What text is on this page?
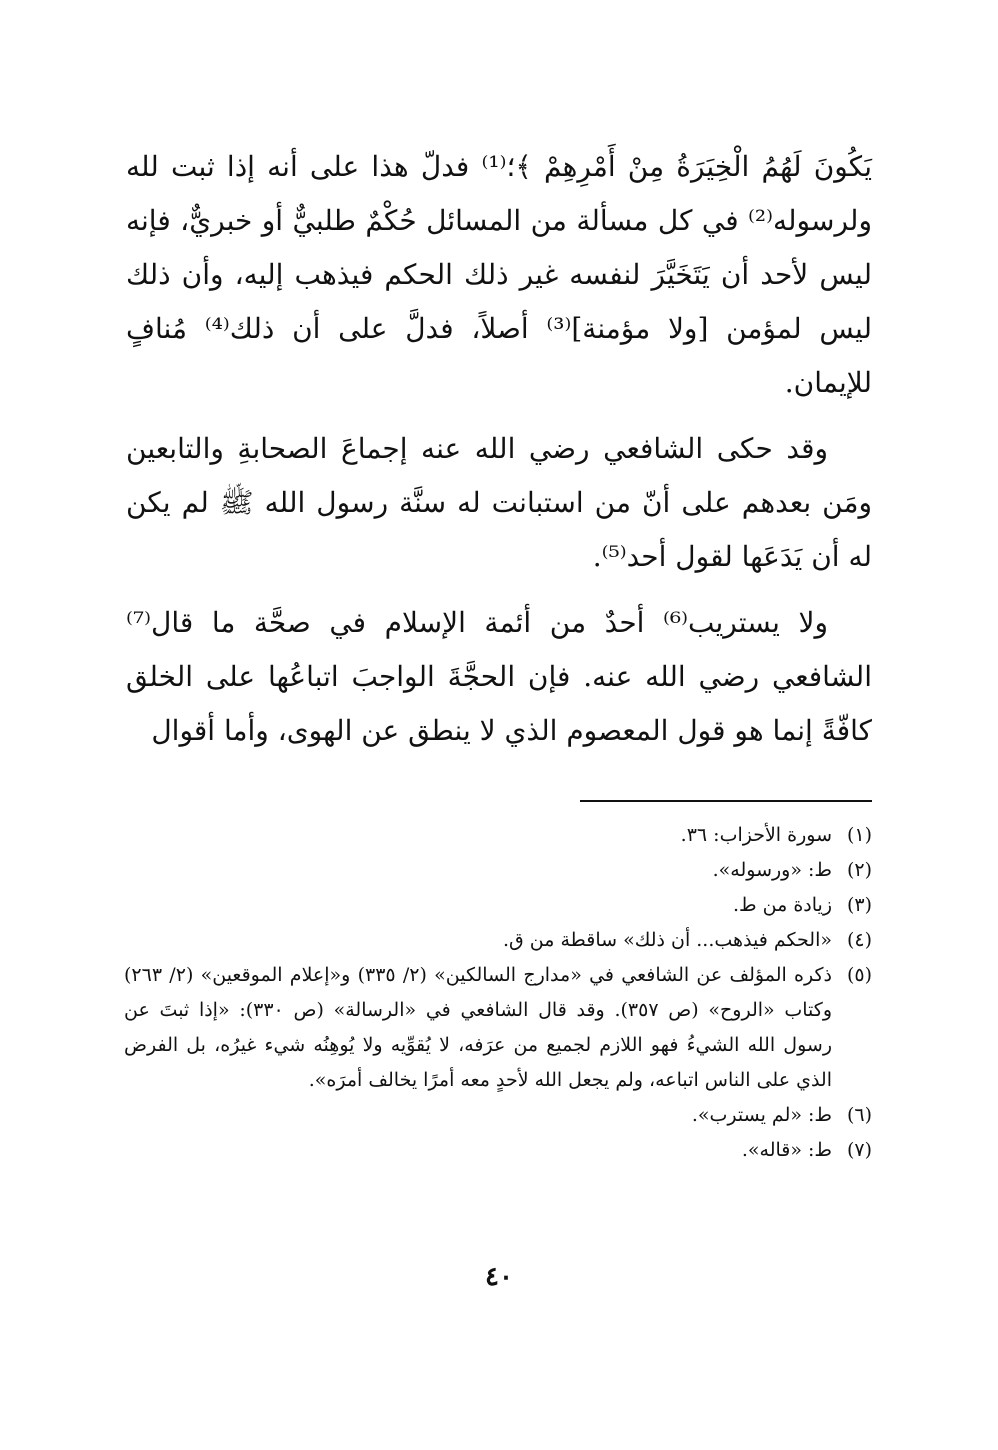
يَكُونَ لَهُمُ الْخِيَرَةُ مِنْ أَمْرِهِمْ ﴾؛⁽¹⁾ فدلّ هذا على أنه إذا ثبت لله ولرسوله⁽²⁾ في كل مسألة من المسائل حُكْمٌ طلبيٌّ أو خبريٌّ، فإنه ليس لأحد أن يَتَخَيَّرَ لنفسه غير ذلك الحكم فيذهب إليه، وأن ذلك ليس لمؤمن [ولا مؤمنة]⁽³⁾ أصلاً، فدلَّ على أن ذلك⁽⁴⁾ مُنافٍ للإيمان.

وقد حكى الشافعي رضي الله عنه إجماعَ الصحابةِ والتابعين ومَن بعدهم على أنّ من استبانت له سنَّة رسول الله ﷺ لم يكن له أن يَدَعَها لقول أحد⁽⁵⁾.

ولا يستريب⁽⁶⁾ أحدٌ من أئمة الإسلام في صحَّة ما قال⁽⁷⁾ الشافعي رضي الله عنه. فإن الحجَّةَ الواجبَ اتباعُها على الخلق كافّةً إنما هو قول المعصوم الذي لا ينطق عن الهوى، وأما أقوال

(١)
سورة الأحزاب: ٣٦.
(٢)
ط: «ورسوله».
(٣)
زيادة من ط.
(٤)
«الحكم فيذهب... أن ذلك» ساقطة من ق.
(٥)
ذكره المؤلف عن الشافعي في «مدارج السالكين» (٢/ ٣٣٥) و«إعلام الموقعين» (٢/ ٢٦٣) وكتاب «الروح» (ص ٣٥٧). وقد قال الشافعي في «الرسالة» (ص ٣٣٠): «إذا ثبتَ عن رسول الله الشيءُ فهو اللازم لجميع من عرَفه، لا يُقوِّيه ولا يُوهِنُه شيء غيرُه، بل الفرض الذي على الناس اتباعه، ولم يجعل الله لأحدٍ معه أمرًا يخالف أمرَه».
(٦)
ط: «لم يسترب».
(٧)
ط: «قاله».
٤٠
